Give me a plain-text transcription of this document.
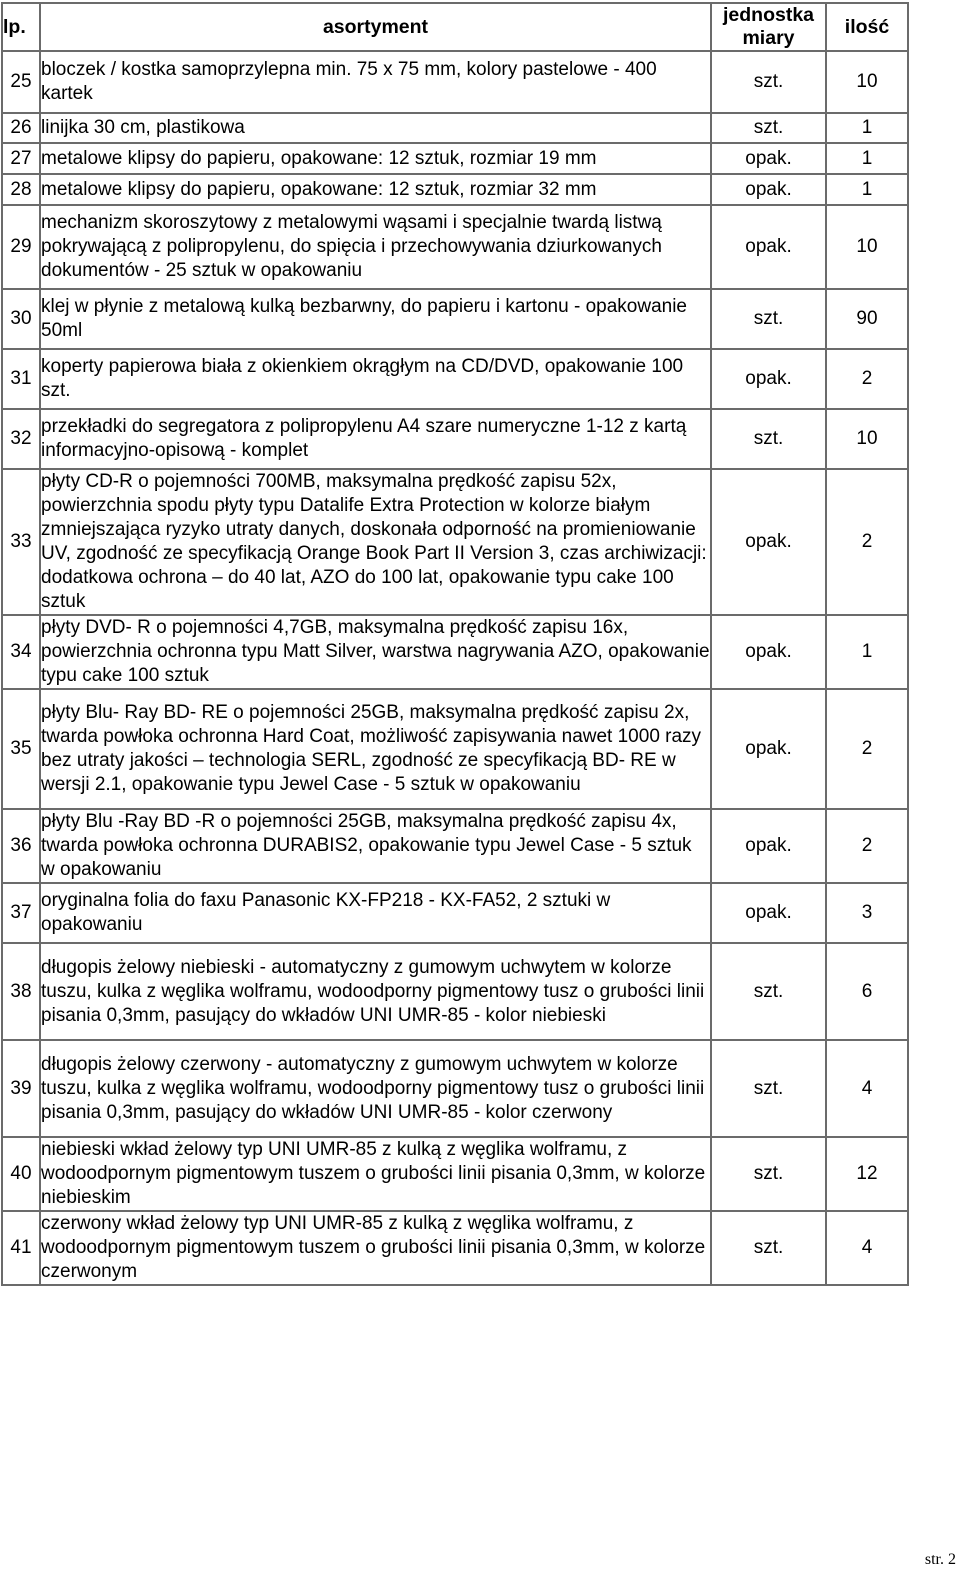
lp.	asortyment	jednostka miary	ilość
25	bloczek / kostka samoprzylepna min. 75 x 75 mm, kolory pastelowe - 400 kartek	szt.	10
26	linijka 30 cm, plastikowa	szt.	1
27	metalowe klipsy do papieru, opakowane: 12 sztuk, rozmiar 19 mm	opak.	1
28	metalowe klipsy do papieru, opakowane: 12 sztuk, rozmiar 32 mm	opak.	1
29	mechanizm skoroszytowy z metalowymi wąsami i specjalnie twardą listwą pokrywającą z polipropylenu, do spięcia i przechowywania dziurkowanych dokumentów - 25 sztuk w opakowaniu	opak.	10
30	klej w płynie z metalową kulką bezbarwny, do papieru i kartonu - opakowanie 50ml	szt.	90
31	koperty papierowa biała z okienkiem okrągłym na CD/DVD, opakowanie 100 szt.	opak.	2
32	przekładki do segregatora z polipropylenu A4 szare numeryczne 1-12 z kartą informacyjno-opisową - komplet	szt.	10
33	płyty CD-R o pojemności 700MB, maksymalna prędkość zapisu 52x, powierzchnia spodu płyty typu Datalife Extra Protection w kolorze białym zmniejszająca ryzyko utraty danych, doskonała odporność na promieniowanie UV, zgodność ze specyfikacją Orange Book Part II Version 3, czas archiwizacji: dodatkowa ochrona – do 40 lat, AZO do 100 lat, opakowanie typu cake 100 sztuk	opak.	2
34	płyty DVD- R o pojemności 4,7GB, maksymalna prędkość zapisu 16x, powierzchnia ochronna typu Matt Silver, warstwa nagrywania AZO, opakowanie typu cake 100 sztuk	opak.	1
35	płyty Blu- Ray BD- RE o pojemności 25GB, maksymalna prędkość zapisu 2x, twarda powłoka ochronna Hard Coat, możliwość zapisywania nawet 1000 razy bez utraty jakości – technologia SERL, zgodność ze specyfikacją BD- RE w wersji 2.1, opakowanie typu Jewel Case - 5 sztuk w opakowaniu	opak.	2
36	płyty Blu -Ray BD -R o pojemności 25GB, maksymalna prędkość zapisu 4x, twarda powłoka ochronna DURABIS2, opakowanie typu Jewel Case - 5 sztuk w opakowaniu	opak.	2
37	oryginalna folia do faxu Panasonic KX-FP218 - KX-FA52, 2 sztuki w opakowaniu	opak.	3
38	długopis żelowy niebieski - automatyczny z gumowym uchwytem w kolorze tuszu, kulka z węglika wolframu, wodoodporny pigmentowy tusz o grubości linii pisania 0,3mm, pasujący do wkładów UNI UMR-85 - kolor niebieski	szt.	6
39	długopis żelowy czerwony - automatyczny z gumowym uchwytem w kolorze tuszu, kulka z węglika wolframu, wodoodporny pigmentowy tusz o grubości linii pisania 0,3mm, pasujący do wkładów UNI UMR-85 - kolor czerwony	szt.	4
40	niebieski wkład żelowy typ UNI UMR-85 z kulką z węglika wolframu, z wodoodpornym pigmentowym tuszem o grubości linii pisania 0,3mm, w kolorze niebieskim	szt.	12
41	czerwony wkład żelowy typ UNI UMR-85 z kulką z węglika wolframu, z wodoodpornym pigmentowym tuszem o grubości linii pisania 0,3mm, w kolorze czerwonym	szt.	4
str. 2
